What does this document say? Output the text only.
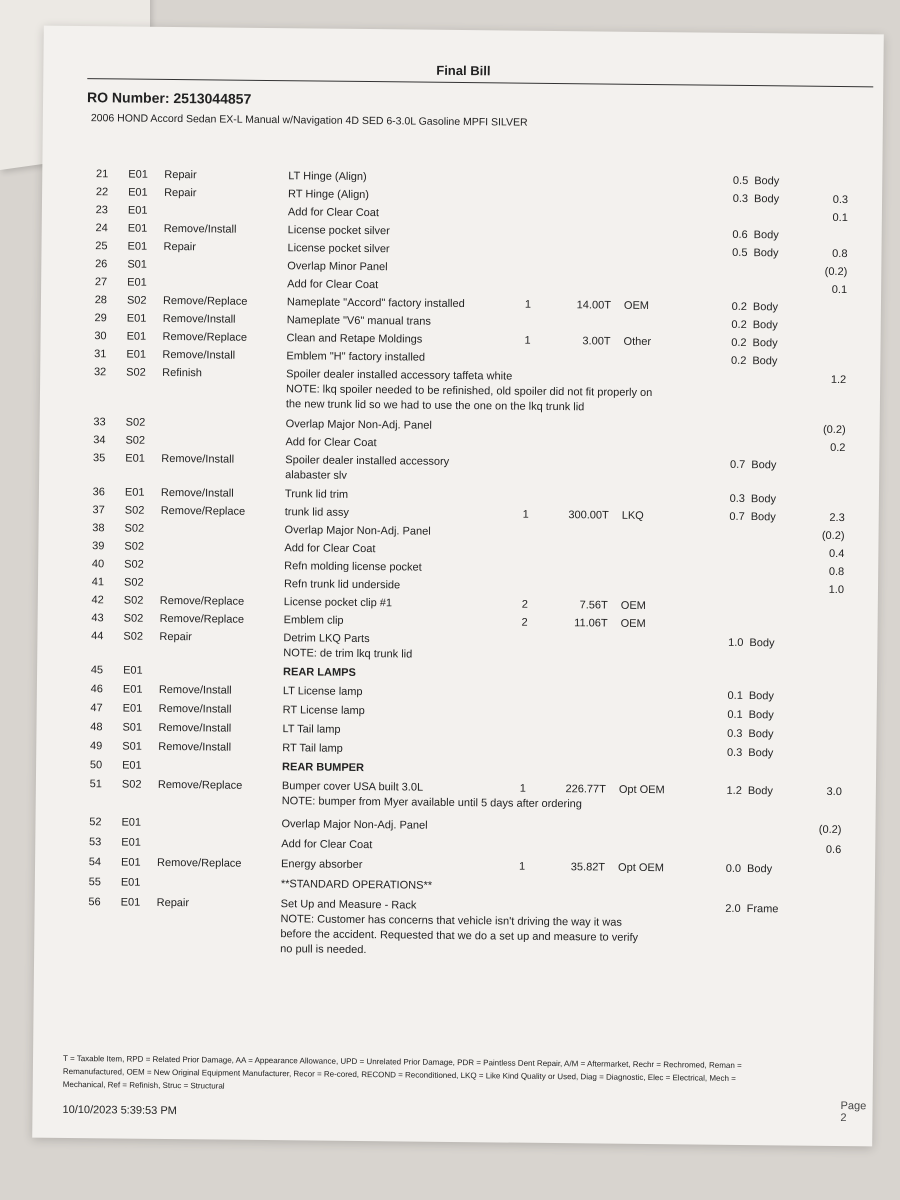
Final Bill
RO Number: 2513044857
2006 HOND Accord Sedan EX-L Manual w/Navigation 4D SED 6-3.0L Gasoline MPFI SILVER
21 E01 Repair	LT Hinge (Align)	0.5 Body
22 E01 Repair	RT Hinge (Align)	0.3 Body	0.3
23 E01	Add for Clear Coat	0.1
24 E01 Remove/Install	License pocket silver	0.6 Body
25 E01 Repair	License pocket silver	0.5 Body	0.8
26 S01	Overlap Minor Panel	(0.2)
27 E01	Add for Clear Coat	0.1
28 S02 Remove/Replace	Nameplate "Accord" factory installed	1	14.00T OEM	0.2 Body
29 E01 Remove/Install	Nameplate "V6" manual trans	0.2 Body
30 E01 Remove/Replace	Clean and Retape Moldings	1	3.00T Other	0.2 Body
31 E01 Remove/Install	Emblem "H" factory installed	0.2 Body
32 S02 Refinish	Spoiler dealer installed accessory taffeta white	1.2
33 S02	Overlap Major Non-Adj. Panel	(0.2)
34 S02	Add for Clear Coat	0.2
35 E01 Remove/Install	Spoiler dealer installed accessory	0.7 Body
36 E01 Remove/Install	Trunk lid trim	0.3 Body
37 S02 Remove/Replace	trunk lid assy	1	300.00T LKQ	0.7 Body	2.3
38 S02	Overlap Major Non-Adj. Panel	(0.2)
39 S02	Add for Clear Coat	0.4
40 S02	Refn molding license pocket	0.8
41 S02	Refn trunk lid underside	1.0
42 S02 Remove/Replace	License pocket clip #1	2	7.56T OEM
43 S02 Remove/Replace	Emblem clip	2	11.06T OEM
44 S02 Repair	Detrim LKQ Parts	1.0 Body
45 E01	REAR LAMPS
46 E01 Remove/Install	LT License lamp	0.1 Body
47 E01 Remove/Install	RT License lamp	0.1 Body
48 S01 Remove/Install	LT Tail lamp	0.3 Body
49 S01 Remove/Install	RT Tail lamp	0.3 Body
50 E01	REAR BUMPER
51 S02 Remove/Replace	Bumper cover USA built 3.0L	1	226.77T Opt OEM	1.2 Body	3.0
52 E01	Overlap Major Non-Adj. Panel	(0.2)
53 E01	Add for Clear Coat	0.6
54 E01 Remove/Replace	Energy absorber	1	35.82T Opt OEM	0.0 Body
55 E01	**STANDARD OPERATIONS**
56 E01 Repair	Set Up and Measure - Rack	2.0 Frame
NOTE: lkq spoiler needed to be refinished, old spoiler did not fit properly on
the new trunk lid so we had to use the one on the lkq trunk lid
alabaster slv
NOTE: de trim lkq trunk lid
NOTE: bumper from Myer available until 5 days after ordering
NOTE: Customer has concerns that vehicle isn't driving the way it was
before the accident. Requested that we do a set up and measure to verify
no pull is needed.
T = Taxable Item, RPD = Related Prior Damage, AA = Appearance Allowance, UPD = Unrelated Prior Damage, PDR = Paintless Dent Repair, A/M = Aftermarket, Rechr = Rechromed, Reman =
Remanufactured, OEM = New Original Equipment Manufacturer, Recor = Re-cored, RECOND = Reconditioned, LKQ = Like Kind Quality or Used, Diag = Diagnostic, Elec = Electrical, Mech =
Mechanical, Ref = Refinish, Struc = Structural
10/10/2023 5:39:53 PM	Page 2
